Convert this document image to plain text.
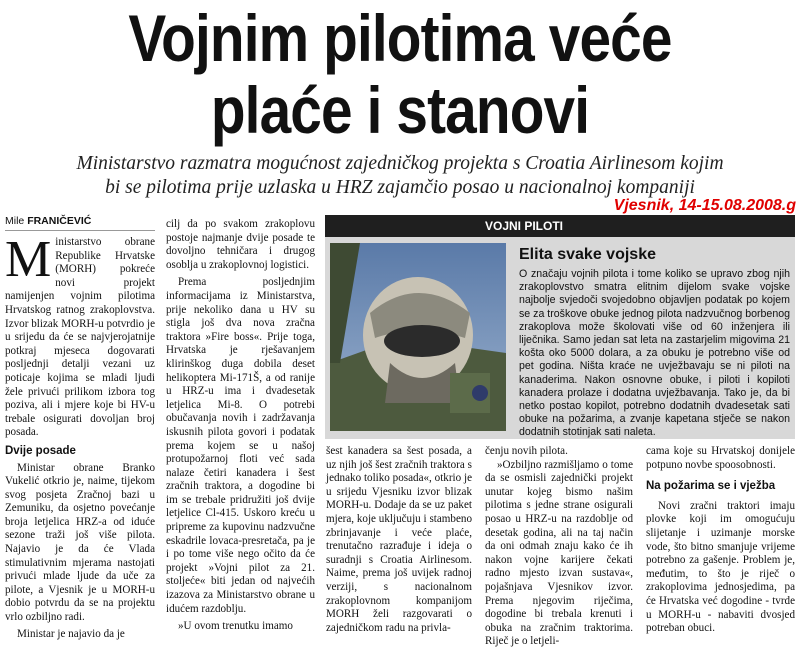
Vojnim pilotima veće
plaće i stanovi
Ministarstvo razmatra mogućnost zajedničkog projekta s Croatia Airlinesom kojim
bi se pilotima prije uzlaska u HRZ zajamčio posao u nacionalnoj kompaniji
Vjesnik, 14-15.08.2008.g
Mile FRANIČEVIĆ

Ministarstvo obrane Republike Hrvatske (MORH) pokreće novi projekt namijenjen vojnim pilotima Hrvatskog ratnog zrakoplovstva. Izvor blizak MORH-u potvrdio je u srijedu da će se najvjerojatnije potkraj mjeseca dogovarati posljednji detalji vezani uz poticaje kojima se mladi ljudi žele privući prilikom izbora tog poziva, ali i mjere koje bi HV-u trebale osigurati dovoljan broj posada.

Dvije posade

Ministar obrane Branko Vukelić otkrio je, naime, tijekom svog posjeta Zračnoj bazi u Zemuniku, da osjetno povećanje broja letjelica HRZ-a od iduće sezone traži još više pilota. Najavio je da će Vlada stimulativnim mjerama nastojati privući mlade ljude da uče za pilote, a Vjesnik je u MORH-u dobio potvrdu da se na projektu vrlo ozbiljno radi.

Ministar je najavio da je

cilj da po svakom zrakoplovu postoje najmanje dvije posade te dovoljno tehničara i drugog osoblja u zrakoplovnoj logistici.

Prema posljednjim informacijama iz Ministarstva, prije nekoliko dana u HV su stigla još dva nova zračna traktora »Fire boss«. Prije toga, Hrvatska je rješavanjem klirinškog duga dobila deset helikoptera Mi-171Š, a od ranije u HRZ-u ima i dvadesetak letjelica Mi-8. O potrebi obučavanja novih i zadržavanja iskusnih pilota govori i podatak prema kojem se u našoj protupožarnoj floti već sada nalaze četiri kanadera i šest zračnih traktora, a dogodine bi im se trebale pridružiti još dvije letjelice Cl-415. Uskoro kreću u pripreme za kupovinu nadzvučne eskadrile lovaca-presretača, pa je i po tome više nego očito da će projekt »Vojni pilot za 21. stoljeće« biti jedan od najvećih izazova za Ministarstvo obrane u idućem razdoblju.

»U ovom trenutku imamo

VOJNI PILOTI
Elita svake vojske
O značaju vojnih pilota i tome koliko se upravo zbog njih zrakoplovstvo smatra elitnim dijelom svake vojske najbolje svjedoči svojedobno objavljen podatak po kojem se za troškove obuke jednog pilota nadzvučnog borbenog zrakoplova može školovati više od 60 inženjera ili liječnika. Samo jedan sat leta na zastarjelim migovima 21 košta oko 5000 dolara, a za obuku je potrebno više od pet godina. Ništa kraće ne uvježbavaju se ni piloti na kanaderima. Nakon osnovne obuke, i piloti i kopiloti kanadera prolaze i dodatna uvježbavanja. Tako je, da bi netko postao kopilot, potrebno dodatnih dvadesetak sati obuke na požarima, a zvanje kapetana stječe se nakon dodatnih stotinjak sati naleta.

šest kanadera sa šest posada, a uz njih još šest zračnih traktora s jednako toliko posada«, otkrio je u srijedu Vjesniku izvor blizak MORH-u. Dodaje da se uz paket mjera, koje uključuju i stambeno zbrinjavanje i veće plaće, trenutačno razrađuje i ideja o suradnji s Croatia Airlinesom. Naime, prema još uvijek radnoj verziji, s nacionalnom zrakoplovnom kompanijom MORH želi razgovarati o zajedničkom radu na privla-

čenju novih pilota.

»Ozbiljno razmišljamo o tome da se osmisli zajednički projekt unutar kojeg bismo našim pilotima s jedne strane osigurali posao u HRZ-u na razdoblje od desetak godina, ali na taj način da oni odmah znaju kako će ih nakon vojne karijere čekati radno mjesto izvan sustava«, pojašnjava Vjesnikov izvor. Prema njegovim riječima, dogodine bi trebala krenuti i obuka na zračnim traktorima. Riječ je o letjeli-

cama koje su Hrvatskoj donijele potpuno novbe spoosobnosti.

Na požarima se i vježba

Novi zračni traktori imaju plovke koji im omogućuju slijetanje i uzimanje morske vode, što bitno smanjuje vrijeme potrebno za gašenje. Problem je, međutim, to što je riječ o zrakoplovima jednosjedima, pa će Hrvatska već dogodine - tvrde u MORH-u - nabaviti dvosjed potreban obuci.
